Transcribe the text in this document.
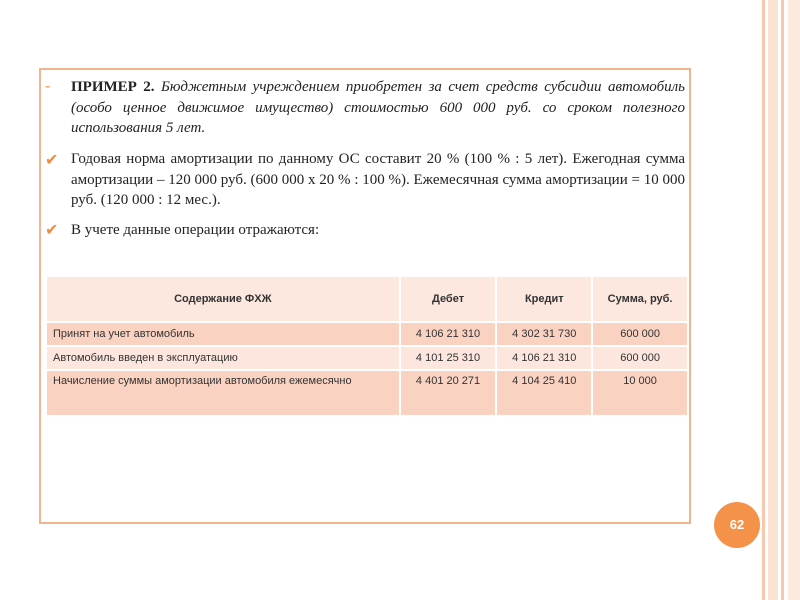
- ПРИМЕР 2. Бюджетным учреждением приобретен за счет средств субсидии автомобиль (особо ценное движимое имущество) стоимостью 600 000 руб. со сроком полезного использования 5 лет.
✔ Годовая норма амортизации по данному ОС составит 20 % (100 % : 5 лет). Ежегодная сумма амортизации – 120 000 руб. (600 000 х 20 % : 100 %). Ежемесячная сумма амортизации = 10 000 руб. (120 000 : 12 мес.).
✔ В учете данные операции отражаются:
Содержание ФХЖ	Дебет	Кредит	Сумма, руб.
Принят на учет автомобиль	4 106 21 310	4 302 31 730	600 000
Автомобиль введен в эксплуатацию	4 101 25 310	4 106 21 310	600 000
Начисление суммы амортизации автомобиля ежемесячно	4 401 20 271	4 104 25 410	10 000
62
